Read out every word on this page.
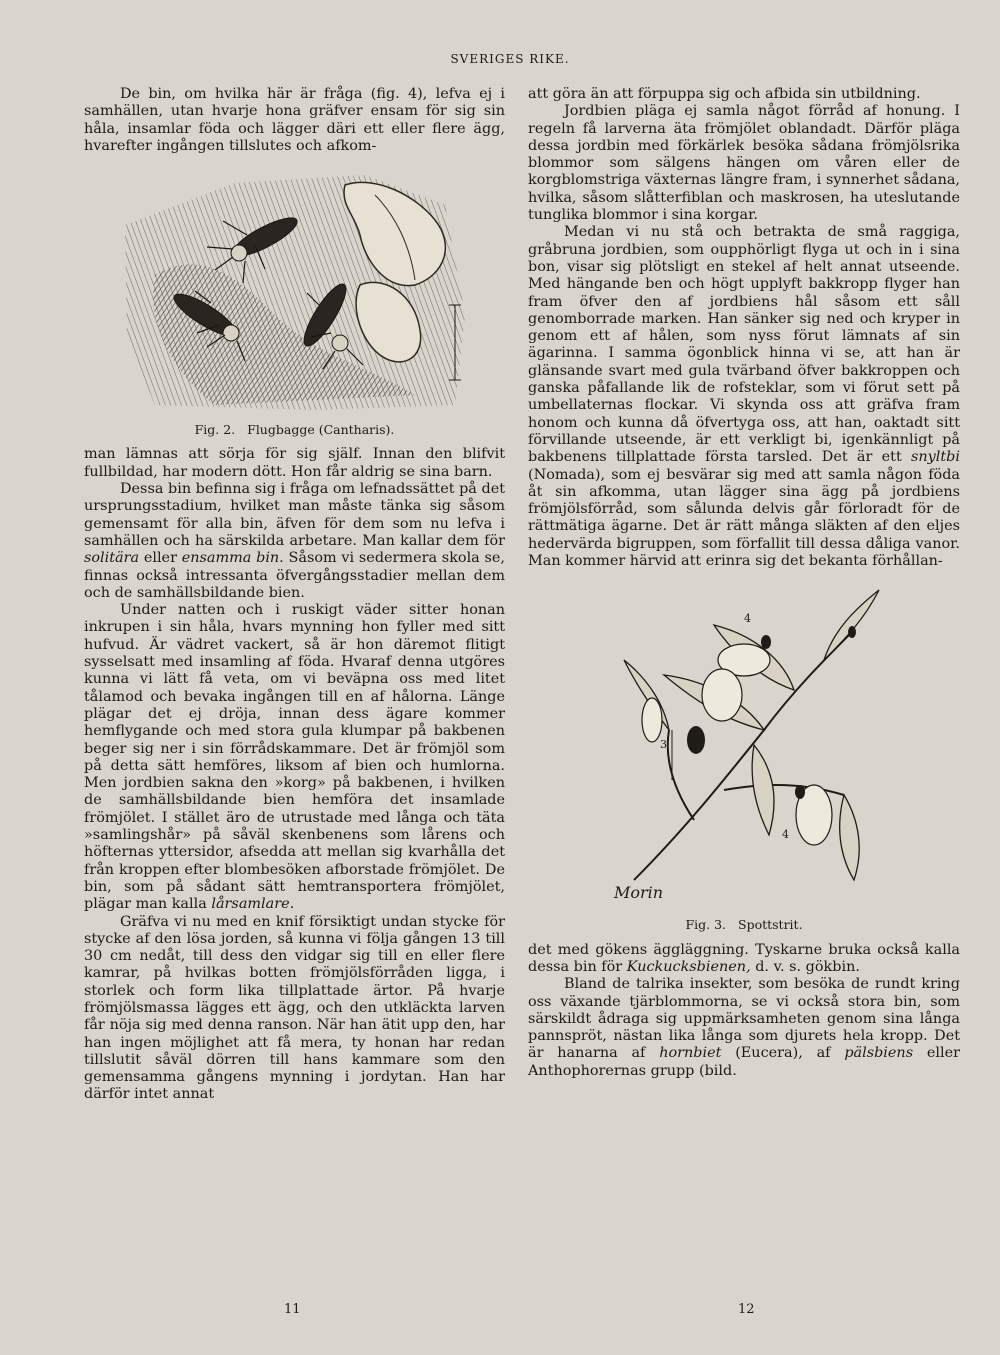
SVERIGES RIKE.

De bin, om hvilka här är fråga (fig. 4), lefva ej i samhällen, utan hvarje hona gräfver ensam för sig sin håla, insamlar föda och lägger däri ett eller flere ägg, hvarefter ingången tillslutes och afkom-

Fig. 2. Flugbagge (Cantharis).

man lämnas att sörja för sig själf. Innan den blifvit fullbildad, har modern dött. Hon får aldrig se sina barn.

Dessa bin befinna sig i fråga om lefnadssättet på det ursprungsstadium, hvilket man måste tänka sig såsom gemensamt för alla bin, äfven för dem som nu lefva i samhällen och ha särskilda arbetare. Man kallar dem för solitära eller ensamma bin. Såsom vi sedermera skola se, finnas också intressanta öfvergångsstadier mellan dem och de samhällsbildande bien.

Under natten och i ruskigt väder sitter honan inkrupen i sin håla, hvars mynning hon fyller med sitt hufvud. Är vädret vackert, så är hon däremot flitigt sysselsatt med insamling af föda. Hvaraf denna utgöres kunna vi lätt få veta, om vi beväpna oss med litet tålamod och bevaka ingången till en af hålorna. Länge plägar det ej dröja, innan dess ägare kommer hemflygande och med stora gula klumpar på bakbenen beger sig ner i sin förrådskammare. Det är frömjöl som på detta sätt hemföres, liksom af bien och humlorna. Men jordbien sakna den »korg» på bakbenen, i hvilken de samhällsbildande bien hemföra det insamlade frömjölet. I stället äro de utrustade med långa och täta »samlingshår» på såväl skenbenens som lårens och höfternas yttersidor, afsedda att mellan sig kvarhålla det från kroppen efter blombesöken afborstade frömjölet. De bin, som på sådant sätt hemtransportera frömjölet, plägar man kalla lårsamlare.

Gräfva vi nu med en knif försiktigt undan stycke för stycke af den lösa jorden, så kunna vi följa gången 13 till 30 cm nedåt, till dess den vidgar sig till en eller flere kamrar, på hvilkas botten frömjölsförråden ligga, i storlek och form lika tillplattade ärtor. På hvarje frömjölsmassa lägges ett ägg, och den utkläckta larven får nöja sig med denna ranson. När han ätit upp den, har han ingen möjlighet att få mera, ty honan har redan tillslutit såväl dörren till hans kammare som den gemensamma gångens mynning i jordytan. Han har därför intet annat

att göra än att förpuppa sig och afbida sin utbildning.

Jordbien pläga ej samla något förråd af honung. I regeln få larverna äta frömjölet oblandadt. Därför pläga dessa jordbin med förkärlek besöka sådana frömjölsrika blommor som sälgens hängen om våren eller de korgblomstriga växternas längre fram, i synnerhet sådana, hvilka, såsom slåtterfiblan och maskrosen, ha uteslutande tunglika blommor i sina korgar.

Medan vi nu stå och betrakta de små raggiga, gråbruna jordbien, som oupphörligt flyga ut och in i sina bon, visar sig plötsligt en stekel af helt annat utseende. Med hängande ben och högt upplyft bakkropp flyger han fram öfver den af jordbiens hål såsom ett såll genomborrade marken. Han sänker sig ned och kryper in genom ett af hålen, som nyss förut lämnats af sin ägarinna. I samma ögonblick hinna vi se, att han är glänsande svart med gula tvärband öfver bakkroppen och ganska påfallande lik de rofsteklar, som vi förut sett på umbellaternas flockar. Vi skynda oss att gräfva fram honom och kunna då öfvertyga oss, att han, oaktadt sitt förvillande utseende, är ett verkligt bi, igenkännligt på bakbenens tillplattade första tarsled. Det är ett snyltbi (Nomada), som ej besvärar sig med att samla någon föda åt sin afkomma, utan lägger sina ägg på jordbiens frömjölsförråd, som sålunda delvis går förloradt för de rättmätiga ägarne. Det är rätt många släkten af den eljes hedervärda bigruppen, som förfallit till dessa dåliga vanor. Man kommer härvid att erinra sig det bekanta förhållan-

4
3
4
Morin
Fig. 3. Spottstrit.

det med gökens äggläggning. Tyskarne bruka också kalla dessa bin för Kuckucksbienen, d. v. s. gökbin.

Bland de talrika insekter, som besöka de rundt kring oss växande tjärblommorna, se vi också stora bin, som särskildt ådraga sig uppmärksamheten genom sina långa pannspröt, nästan lika långa som djurets hela kropp. Det är hanarna af hornbiet (Eucera), af pälsbiens eller Anthophorernas grupp (bild.

11	12
